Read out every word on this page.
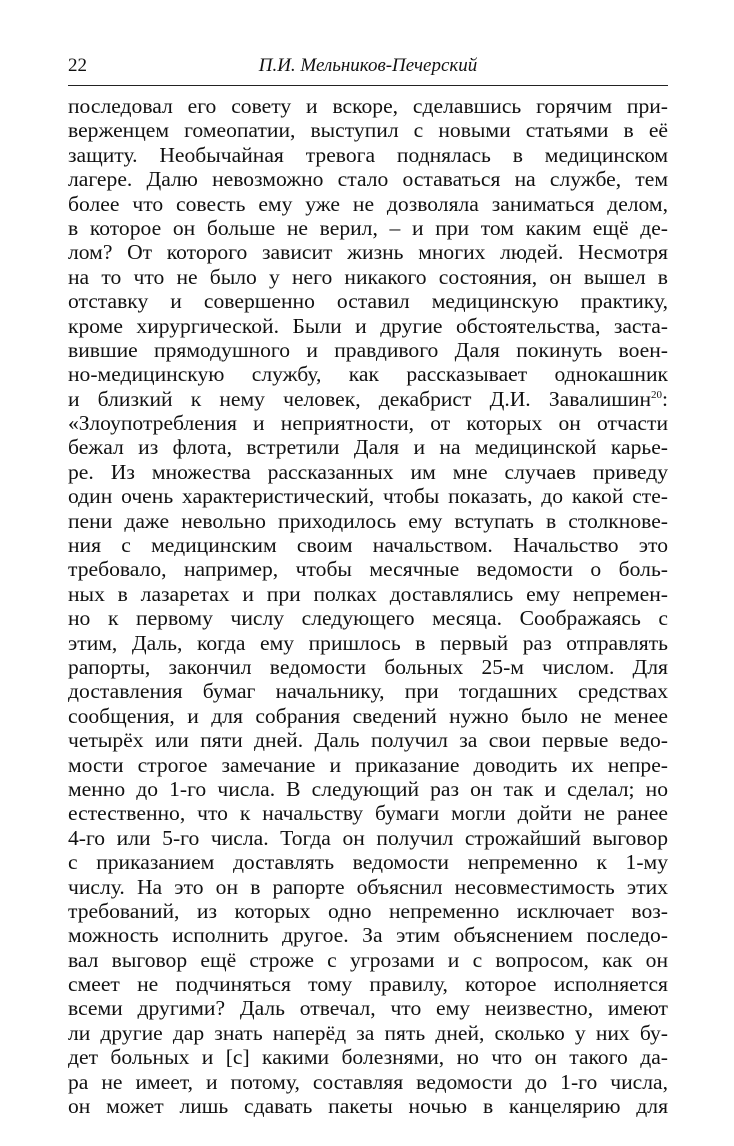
22	П.И. Мельников-Печерский
последовал его совету и вскоре, сделавшись горячим при-
верженцем гомеопатии, выступил с новыми статьями в её
защиту. Необычайная тревога поднялась в медицинском
лагере. Далю невозможно стало оставаться на службе, тем
более что совесть ему уже не дозволяла заниматься делом,
в которое он больше не верил, – и при том каким ещё де-
лом? От которого зависит жизнь многих людей. Несмотря
на то что не было у него никакого состояния, он вышел в
отставку и совершенно оставил медицинскую практику,
кроме хирургической. Были и другие обстоятельства, заста-
вившие прямодушного и правдивого Даля покинуть воен-
но-медицинскую службу, как рассказывает однокашник
и близкий к нему человек, декабрист Д.И. Завалишин$^{20}$:
«Злоупотребления и неприятности, от которых он отчасти
бежал из флота, встретили Даля и на медицинской карье-
ре. Из множества рассказанных им мне случаев приведу
один очень характеристический, чтобы показать, до какой сте-
пени даже невольно приходилось ему вступать в столкнове-
ния с медицинским своим начальством. Начальство это
требовало, например, чтобы месячные ведомости о боль-
ных в лазаретах и при полках доставлялись ему непремен-
но к первому числу следующего месяца. Соображаясь с
этим, Даль, когда ему пришлось в первый раз отправлять
рапорты, закончил ведомости больных 25-м числом. Для
доставления бумаг начальнику, при тогдашних средствах
сообщения, и для собрания сведений нужно было не менее
четырёх или пяти дней. Даль получил за свои первые ведо-
мости строгое замечание и приказание доводить их непре-
менно до 1-го числа. В следующий раз он так и сделал; но
естественно, что к начальству бумаги могли дойти не ранее
4-го или 5-го числа. Тогда он получил строжайший выговор
с приказанием доставлять ведомости непременно к 1-му
числу. На это он в рапорте объяснил несовместимость этих
требований, из которых одно непременно исключает воз-
можность исполнить другое. За этим объяснением последо-
вал выговор ещё строже с угрозами и с вопросом, как он
смеет не подчиняться тому правилу, которое исполняется
всеми другими? Даль отвечал, что ему неизвестно, имеют
ли другие дар знать наперёд за пять дней, сколько у них бу-
дет больных и [с] какими болезнями, но что он такого да-
ра не имеет, и потому, составляя ведомости до 1-го числа,
он может лишь сдавать пакеты ночью в канцелярию для
